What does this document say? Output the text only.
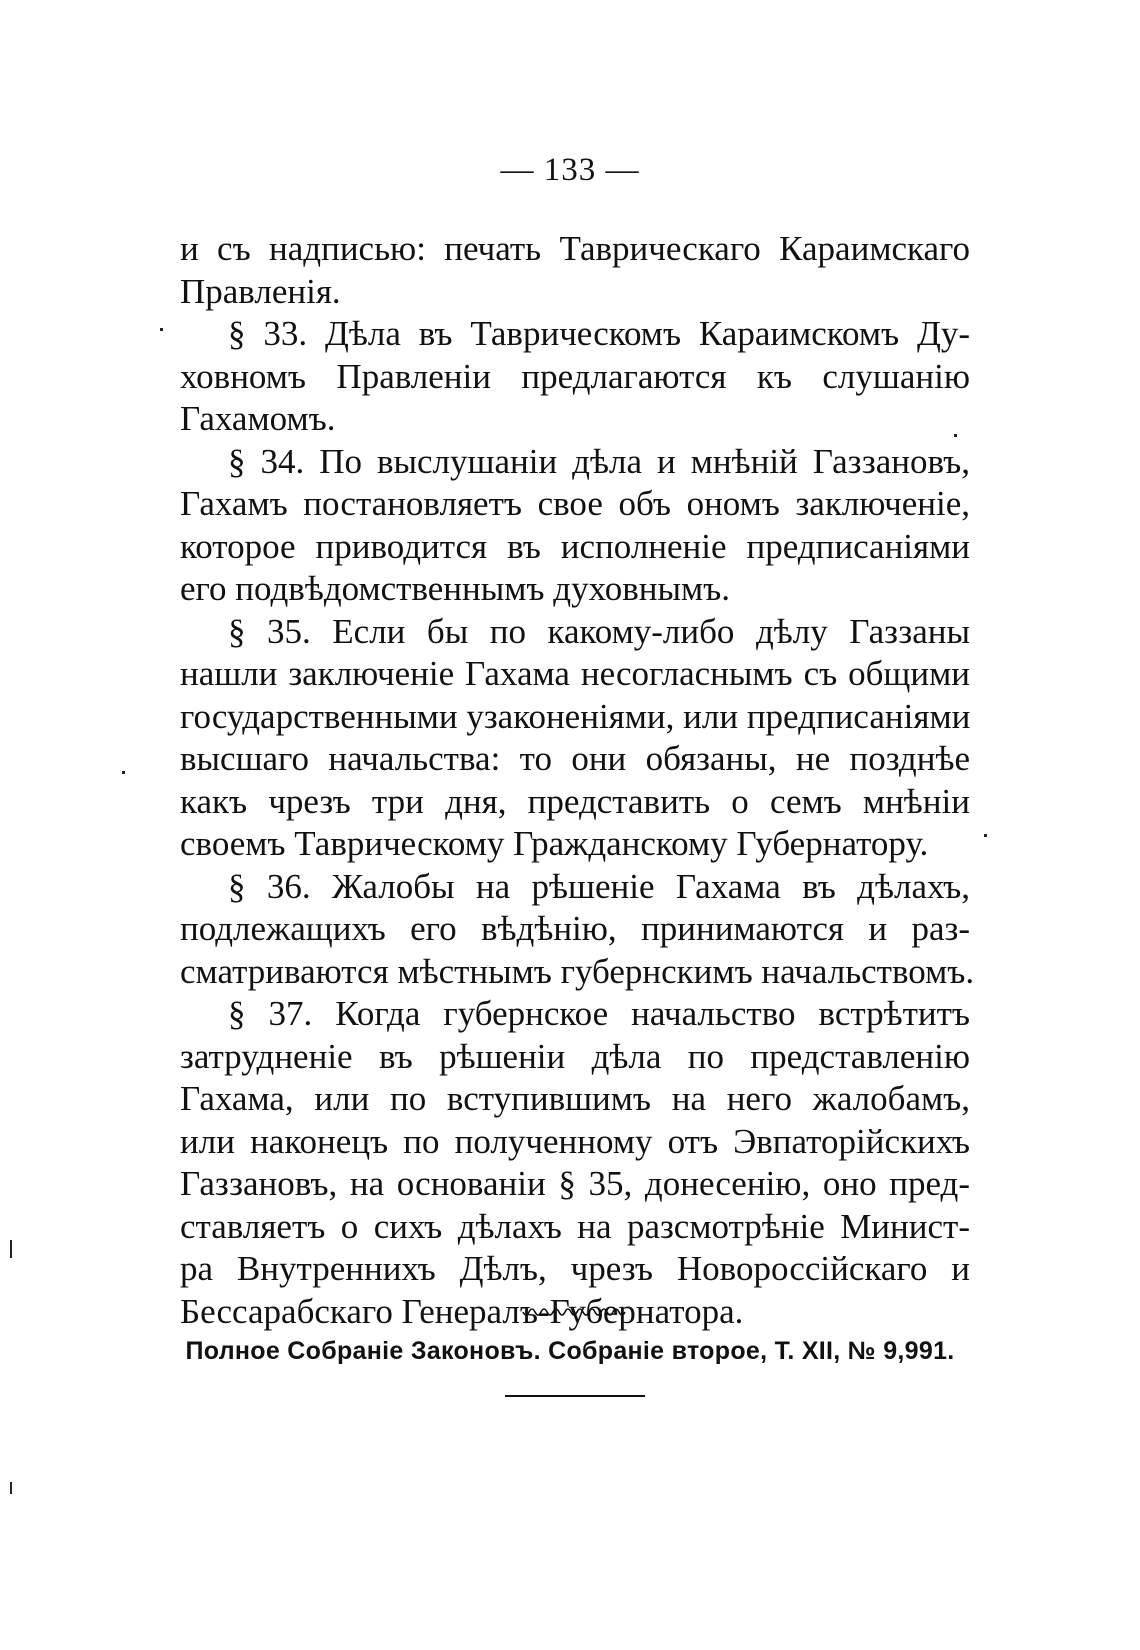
— 133 —
и съ надписью: печать Таврическаго Караимскаго
Правленія.
§ 33. Дѣла въ Таврическомъ Караимскомъ Ду-
ховномъ Правленіи предлагаются къ слушанію
Гахамомъ.
§ 34. По выслушаніи дѣла и мнѣній Газзановъ,
Гахамъ постановляетъ свое объ ономъ заключеніе,
которое приводится въ исполненіе предписаніями
его подвѣдомственнымъ духовнымъ.
§ 35. Если бы по какому-либо дѣлу Газзаны
нашли заключеніе Гахама несогласнымъ съ общими
государственными узаконеніями, или предписаніями
высшаго начальства: то они обязаны, не позднѣе
какъ чрезъ три дня, представить о семъ мнѣніи
своемъ Таврическому Гражданскому Губернатору.
§ 36. Жалобы на рѣшеніе Гахама въ дѣлахъ,
подлежащихъ его вѣдѣнію, принимаются и раз-
сматриваются мѣстнымъ губернскимъ начальствомъ.
§ 37. Когда губернское начальство встрѣтитъ
затрудненіе въ рѣшеніи дѣла по представленію
Гахама, или по вступившимъ на него жалобамъ,
или наконецъ по полученному отъ Эвпаторійскихъ
Газзановъ, на основаніи § 35, донесенію, оно пред-
ставляетъ о сихъ дѣлахъ на разсмотрѣніе Минист-
ра Внутреннихъ Дѣлъ, чрезъ Новороссійскаго и
Бессарабскаго Генералъ-Губернатора.
Полное Собраніе Законовъ. Собраніе второе, Т. XII, № 9,991.
